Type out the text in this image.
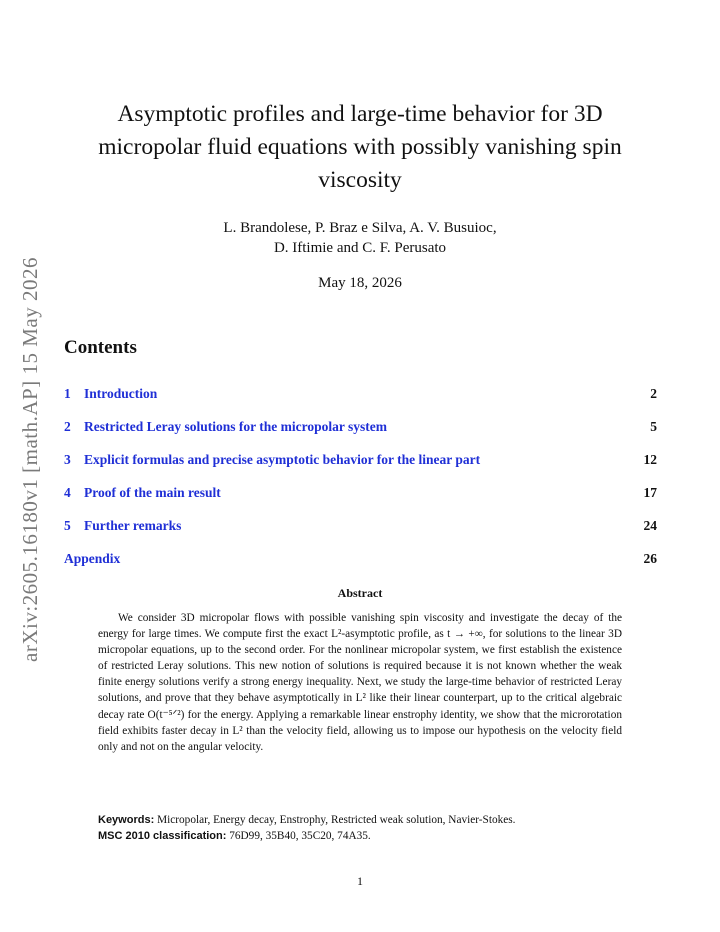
arXiv:2605.16180v1 [math.AP] 15 May 2026
Asymptotic profiles and large-time behavior for 3D micropolar fluid equations with possibly vanishing spin viscosity
L. Brandolese, P. Braz e Silva, A. V. Busuioc,
D. Iftimie and C. F. Perusato
May 18, 2026
Contents
1 Introduction	2
2 Restricted Leray solutions for the micropolar system	5
3 Explicit formulas and precise asymptotic behavior for the linear part	12
4 Proof of the main result	17
5 Further remarks	24
Appendix	26
Abstract
We consider 3D micropolar flows with possible vanishing spin viscosity and investigate the decay of the energy for large times. We compute first the exact L²-asymptotic profile, as t → +∞, for solutions to the linear 3D micropolar equations, up to the second order. For the nonlinear micropolar system, we first establish the existence of restricted Leray solutions. This new notion of solutions is required because it is not known whether the weak finite energy solutions verify a strong energy inequality. Next, we study the large-time behavior of restricted Leray solutions, and prove that they behave asymptotically in L² like their linear counterpart, up to the critical algebraic decay rate O(t⁻⁵ᐟ²) for the energy. Applying a remarkable linear enstrophy identity, we show that the microrotation field exhibits faster decay in L² than the velocity field, allowing us to impose our hypothesis on the velocity field only and not on the angular velocity.
Keywords: Micropolar, Energy decay, Enstrophy, Restricted weak solution, Navier-Stokes.
MSC 2010 classification: 76D99, 35B40, 35C20, 74A35.
1
